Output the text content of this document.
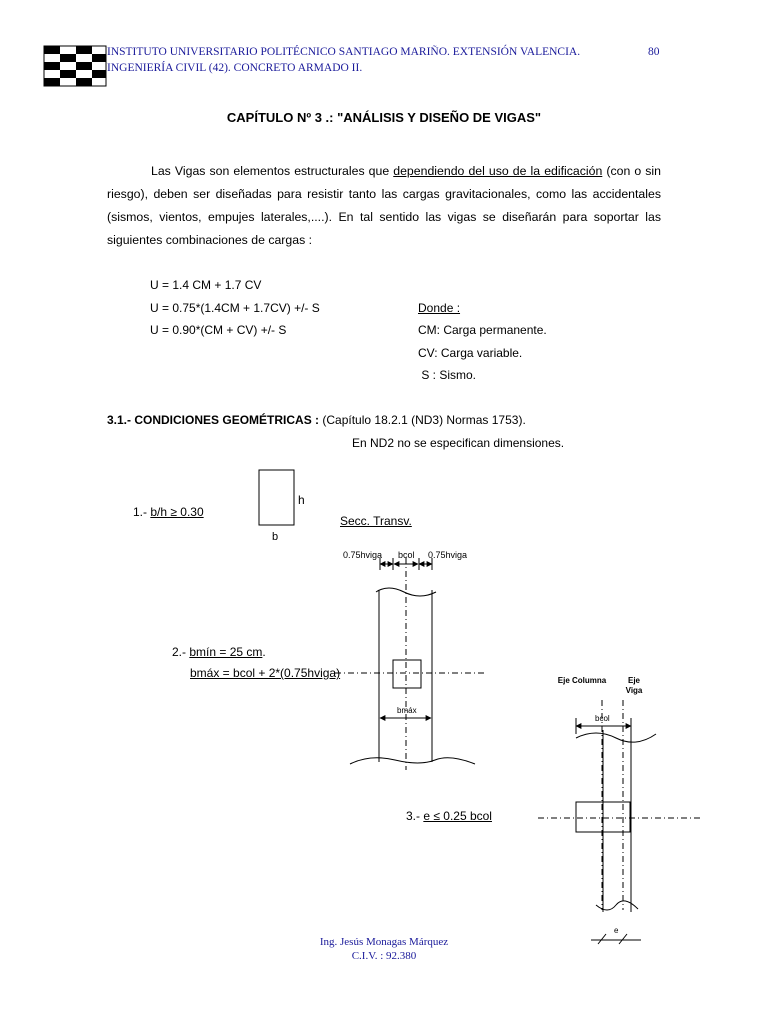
INSTITUTO UNIVERSITARIO POLITÉCNICO SANTIAGO MARIÑO. EXTENSIÓN VALENCIA.
INGENIERÍA CIVIL (42). CONCRETO ARMADO II.
80
CAPÍTULO Nº 3 .: "ANÁLISIS Y DISEÑO DE VIGAS"
Las Vigas son elementos estructurales que dependiendo del uso de la edificación (con o sin riesgo), deben ser diseñadas para resistir tanto las cargas gravitacionales, como las accidentales (sismos, vientos, empujes laterales,....). En tal sentido las vigas se diseñarán para soportar las siguientes combinaciones de cargas :
U = 1.4 CM + 1.7 CV
U = 0.75*(1.4CM + 1.7CV) +/- S
U = 0.90*(CM + CV) +/- S
Donde :
CM: Carga permanente.
CV: Carga variable.
S : Sismo.
3.1.- CONDICIONES GEOMÉTRICAS : (Capítulo 18.2.1 (ND3) Normas 1753).
En ND2 no se especifican dimensiones.
1.- b/h ≥ 0.30
h
b
Secc. Transv.
2.- bmín = 25 cm.
bmáx = bcol + 2*(0.75hviga)
0.75hviga bcol 0.75hviga
bmáx
3.- e ≤ 0.25 bcol
Eje Columna	Eje Viga
bcol
e
Ing. Jesús Monagas Márquez
C.I.V. : 92.380
